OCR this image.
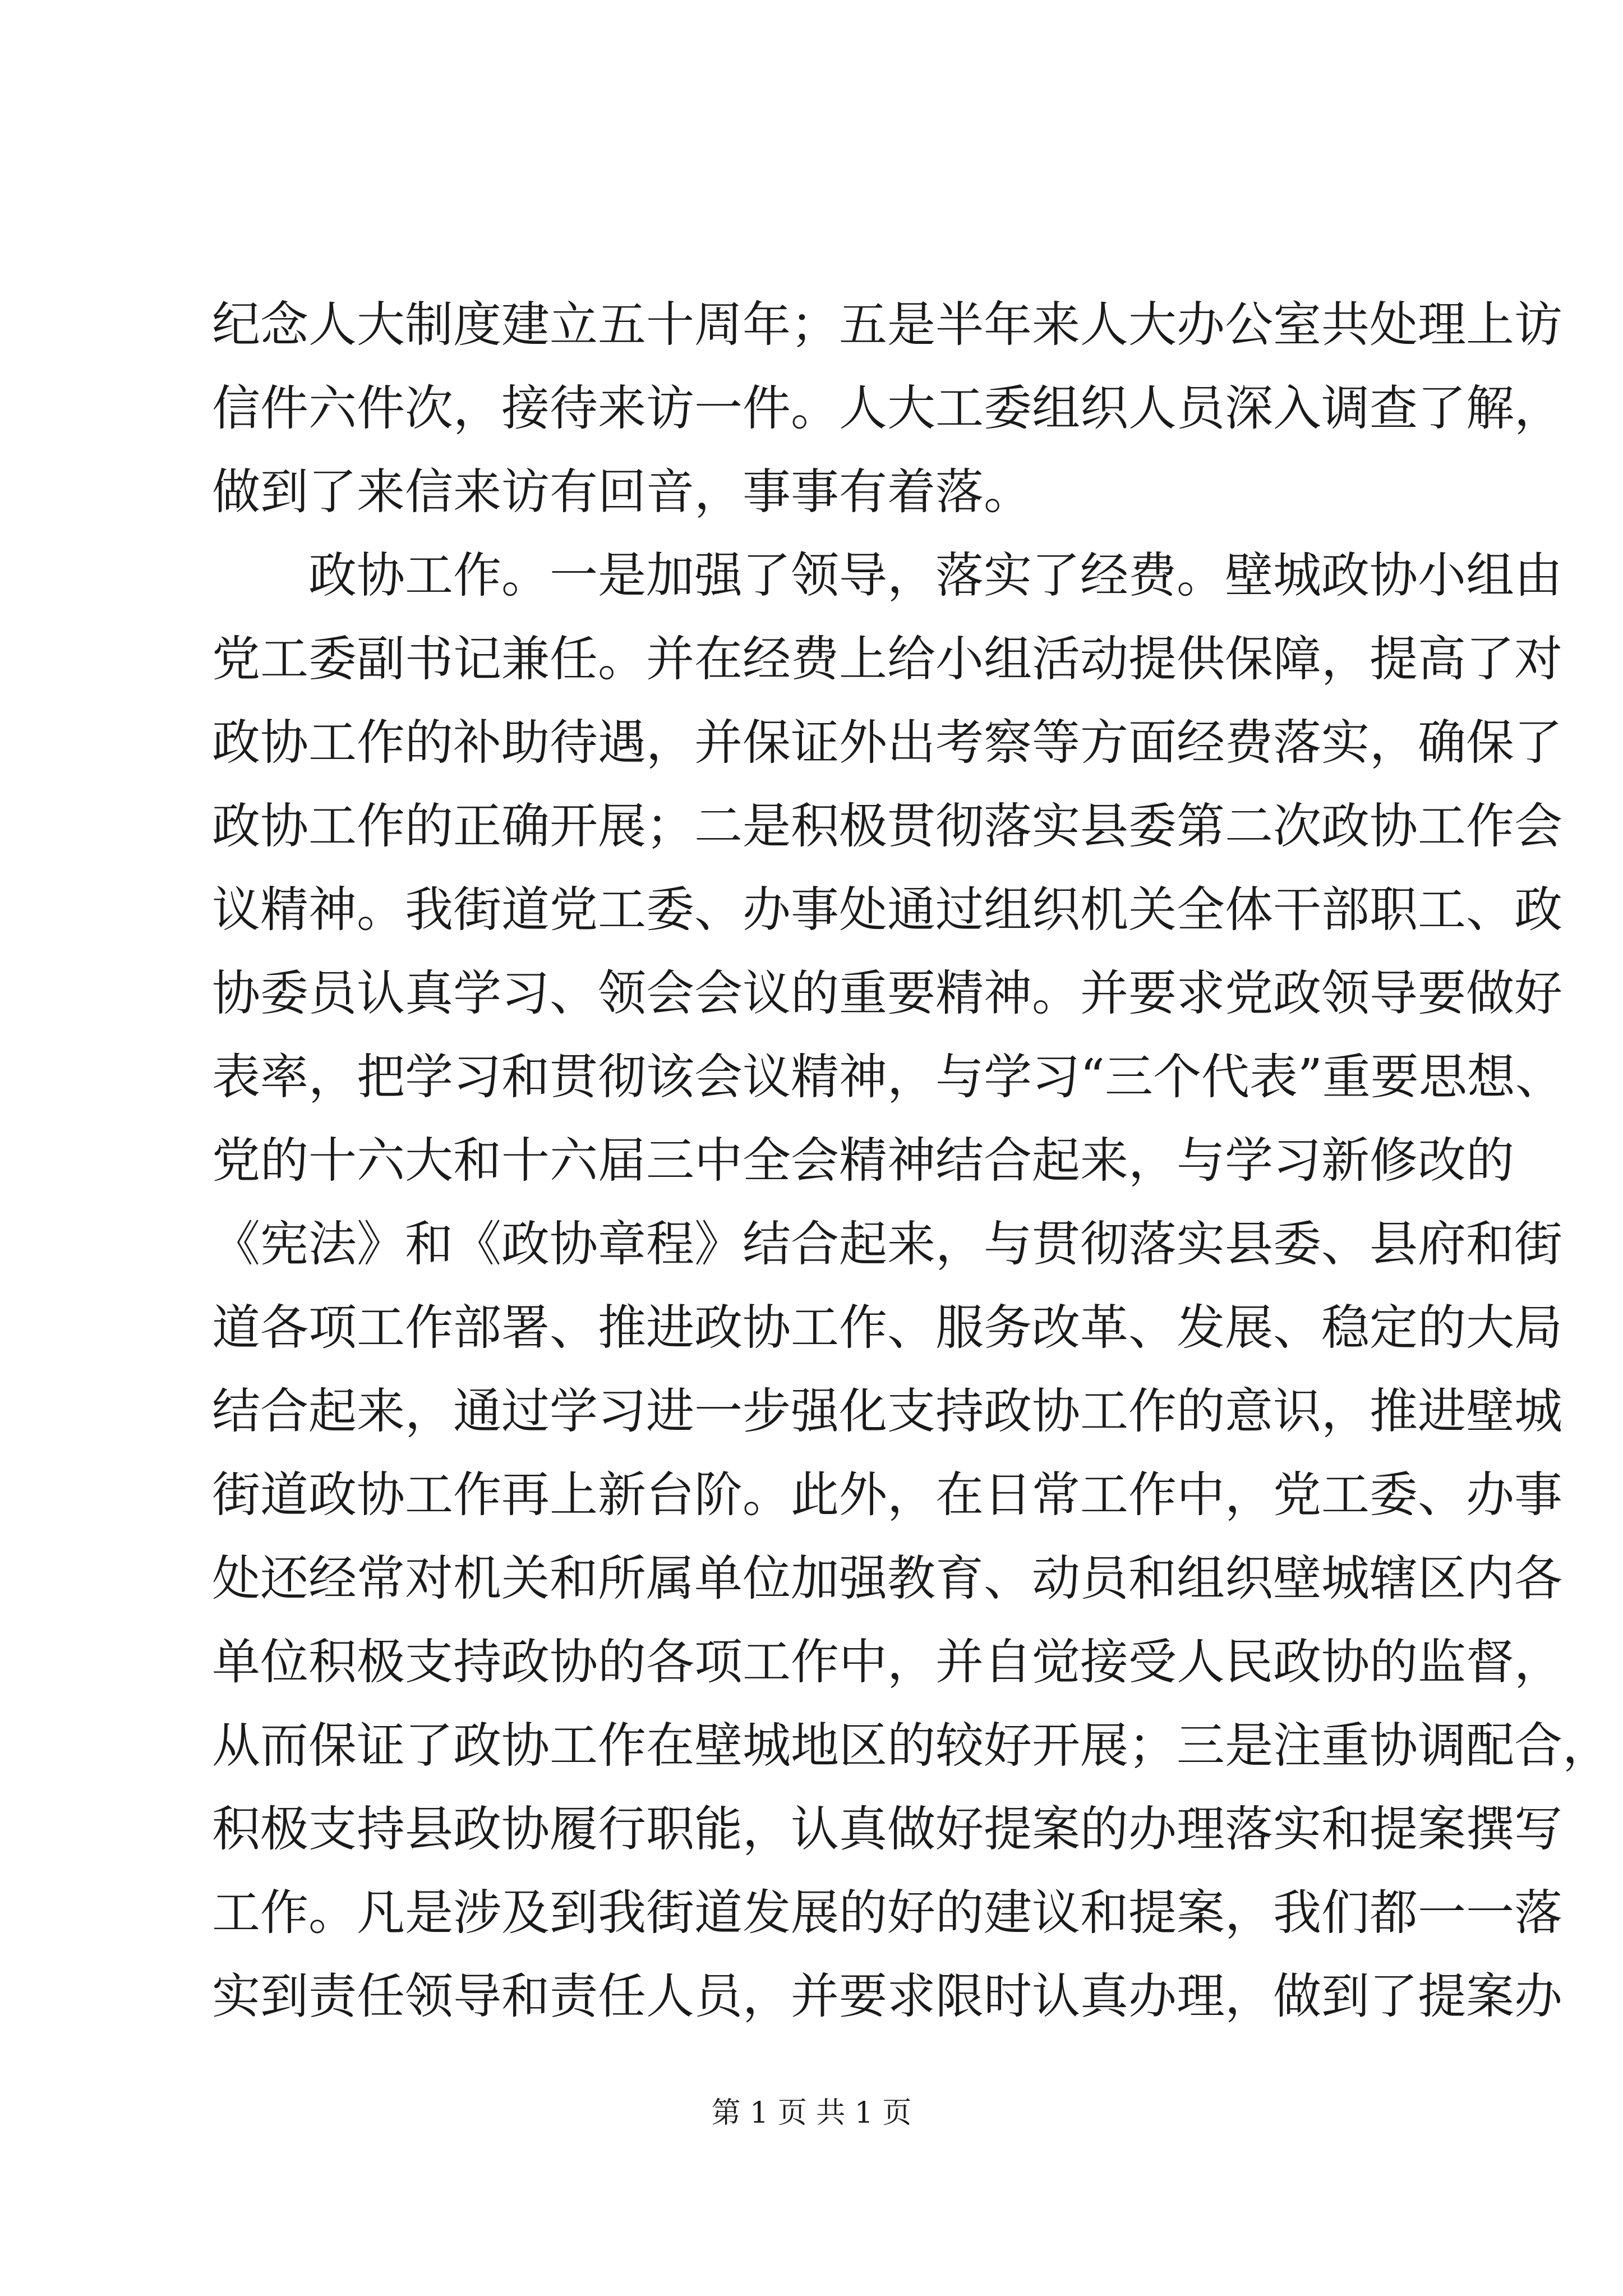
纪念人大制度建立五十周年；五是半年来人大办公室共处理上访
信件六件次，接待来访一件。人大工委组织人员深入调查了解，
做到了来信来访有回音，事事有着落。
政协工作。一是加强了领导，落实了经费。壁城政协小组由
党工委副书记兼任。并在经费上给小组活动提供保障，提高了对
政协工作的补助待遇，并保证外出考察等方面经费落实，确保了
政协工作的正确开展；二是积极贯彻落实县委第二次政协工作会
议精神。我街道党工委、办事处通过组织机关全体干部职工、政
协委员认真学习、领会会议的重要精神。并要求党政领导要做好
表率，把学习和贯彻该会议精神，与学习“三个代表”重要思想、
党的十六大和十六届三中全会精神结合起来，与学习新修改的
《宪法》和《政协章程》结合起来，与贯彻落实县委、县府和街
道各项工作部署、推进政协工作、服务改革、发展、稳定的大局
结合起来，通过学习进一步强化支持政协工作的意识，推进壁城
街道政协工作再上新台阶。此外，在日常工作中，党工委、办事
处还经常对机关和所属单位加强教育、动员和组织壁城辖区内各
单位积极支持政协的各项工作中，并自觉接受人民政协的监督，
从而保证了政协工作在壁城地区的较好开展；三是注重协调配合，
积极支持县政协履行职能，认真做好提案的办理落实和提案撰写
工作。凡是涉及到我街道发展的好的建议和提案，我们都一一落
实到责任领导和责任人员，并要求限时认真办理，做到了提案办
第 1 页 共 1 页
